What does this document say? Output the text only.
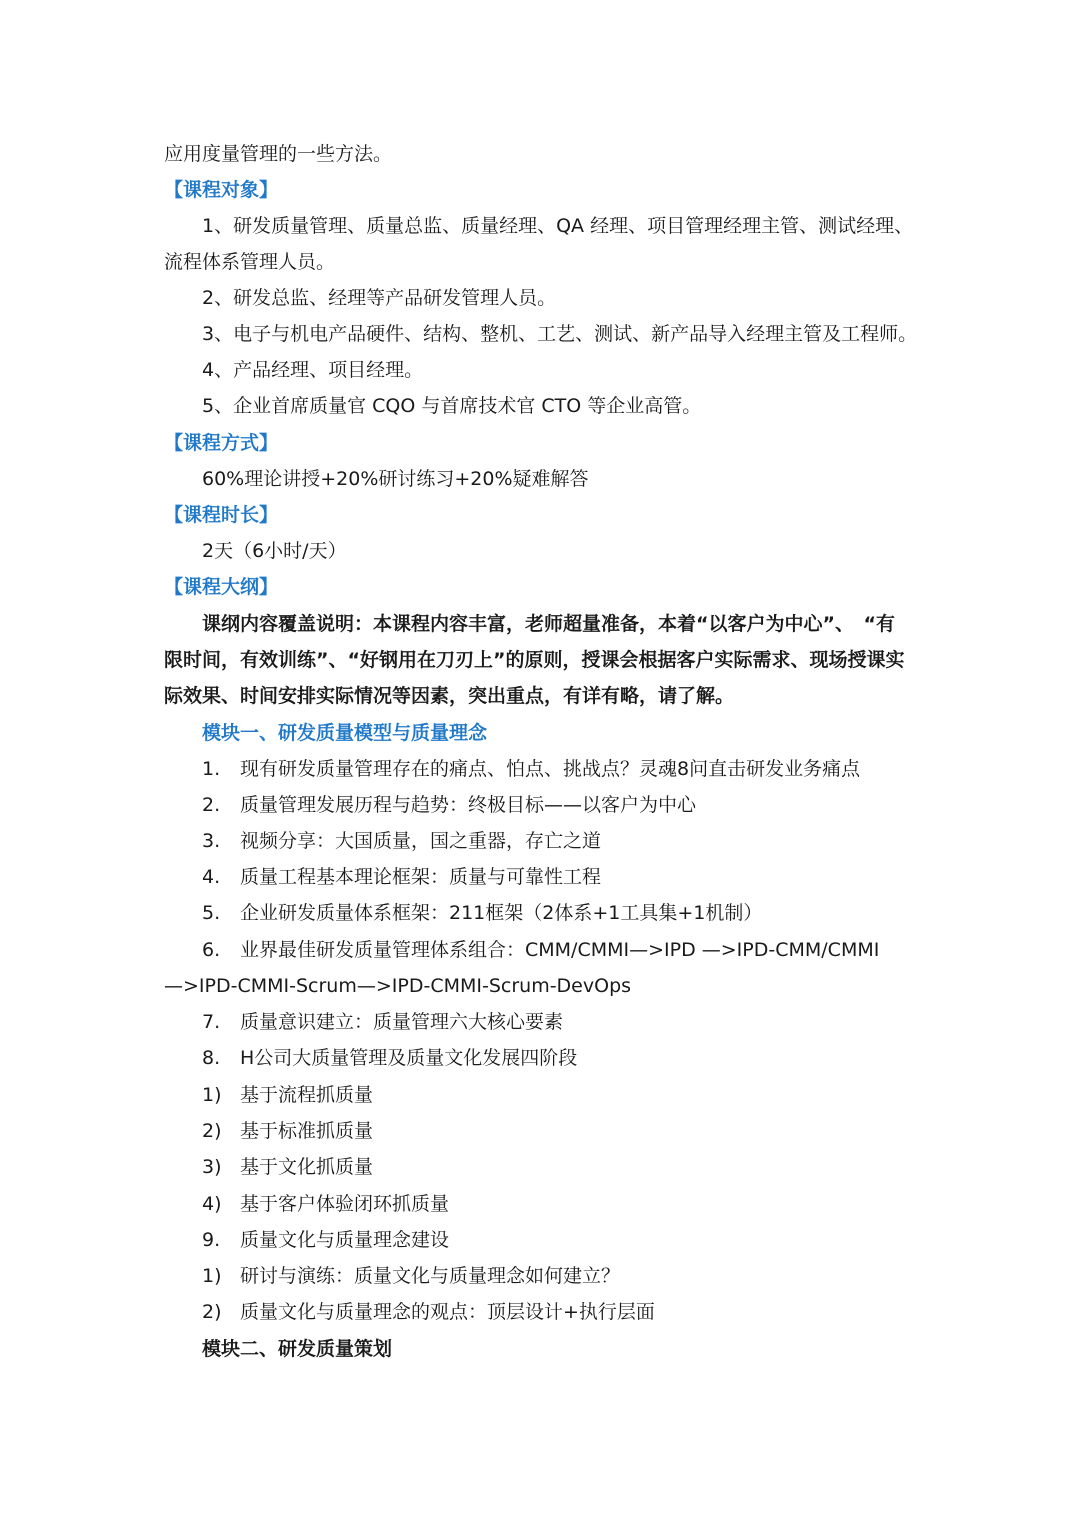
应用度量管理的一些方法。
【课程对象】
1、研发质量管理、质量总监、质量经理、QA 经理、项目管理经理主管、测试经理、
流程体系管理人员。
2、研发总监、经理等产品研发管理人员。
3、电子与机电产品硬件、结构、整机、工艺、测试、新产品导入经理主管及工程师。
4、产品经理、项目经理。
5、企业首席质量官 CQO 与首席技术官 CTO 等企业高管。
【课程方式】
60%理论讲授+20%研讨练习+20%疑难解答
【课程时长】
2天（6小时/天）
【课程大纲】
课纲内容覆盖说明：本课程内容丰富，老师超量准备，本着“以客户为中心”、　“有
限时间，有效训练”、“好钢用在刀刃上”的原则，授课会根据客户实际需求、现场授课实
际效果、时间安排实际情况等因素，突出重点，有详有略，请了解。
模块一、研发质量模型与质量理念
1. 现有研发质量管理存在的痛点、怕点、挑战点？灵魂8问直击研发业务痛点
2. 质量管理发展历程与趋势：终极目标——以客户为中心
3. 视频分享：大国质量，国之重器，存亡之道
4. 质量工程基本理论框架：质量与可靠性工程
5. 企业研发质量体系框架：211框架（2体系+1工具集+1机制）
6. 业界最佳研发质量管理体系组合：CMM/CMMI—>IPD —>IPD-CMM/CMMI
—>IPD-CMMI-Scrum—>IPD-CMMI-Scrum-DevOps
7. 质量意识建立：质量管理六大核心要素
8. H公司大质量管理及质量文化发展四阶段
1) 基于流程抓质量
2) 基于标准抓质量
3) 基于文化抓质量
4) 基于客户体验闭环抓质量
9. 质量文化与质量理念建设
1) 研讨与演练：质量文化与质量理念如何建立？
2) 质量文化与质量理念的观点：顶层设计+执行层面
模块二、研发质量策划
